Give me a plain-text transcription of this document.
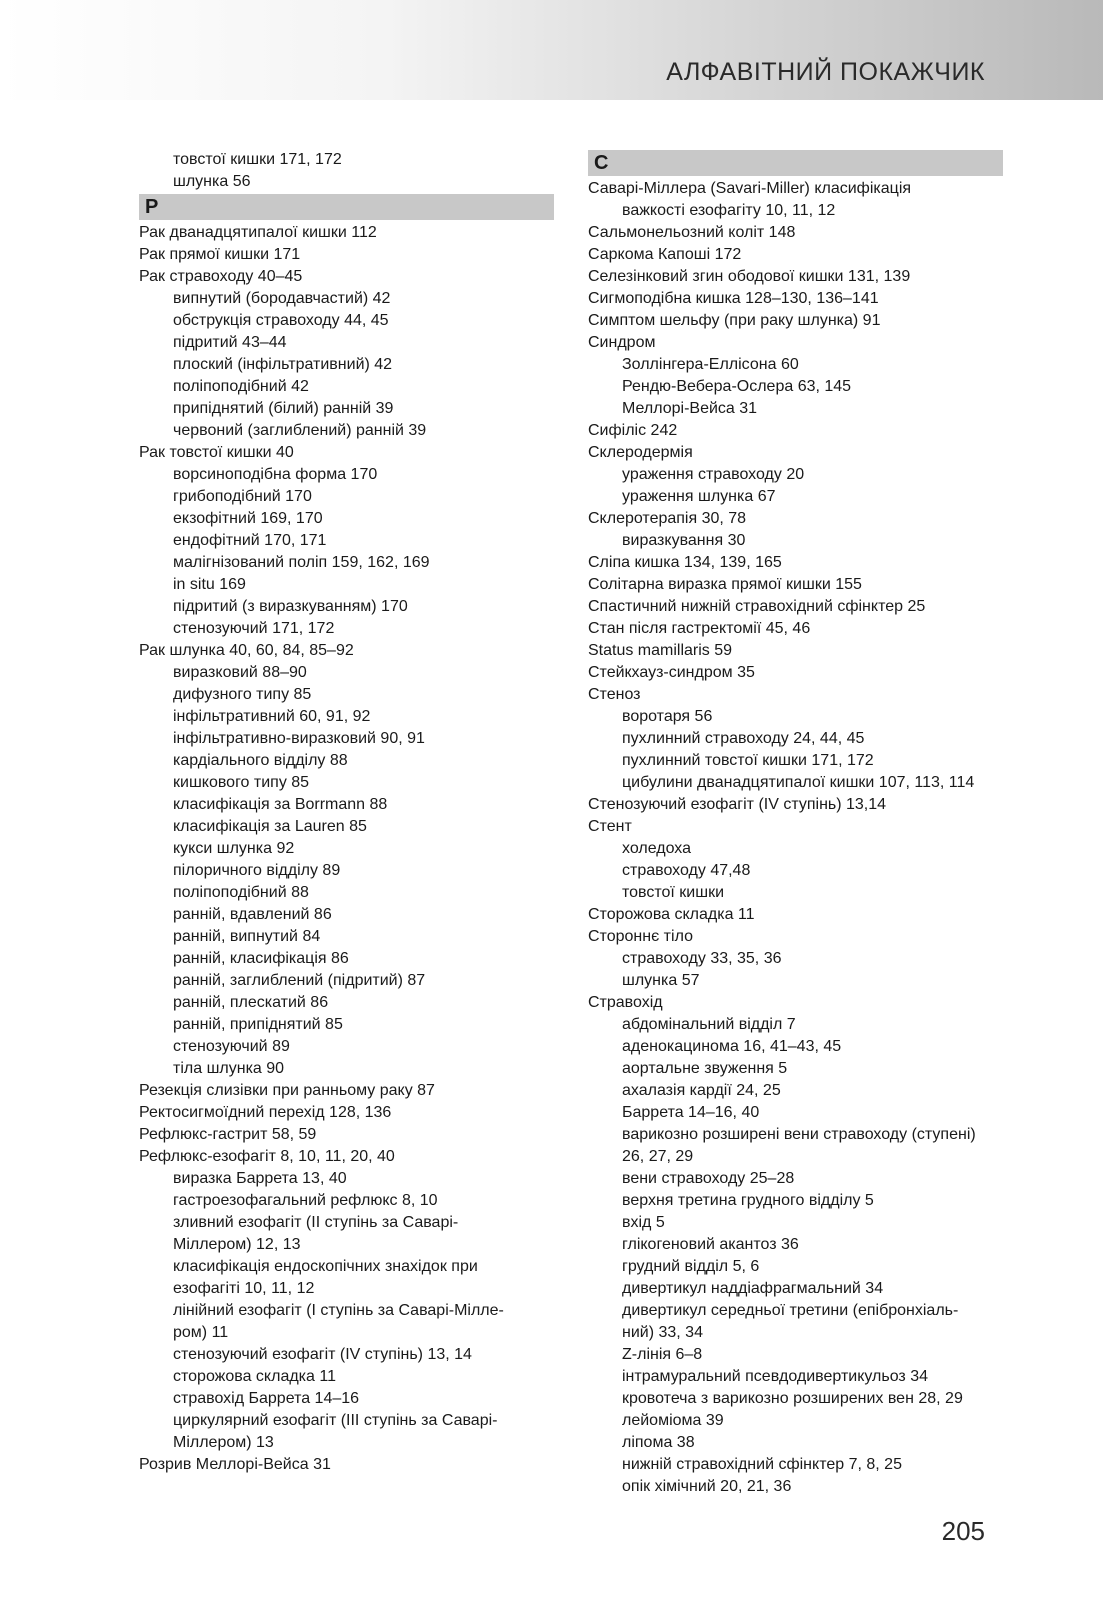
АЛФАВІТНИЙ ПОКАЖЧИК
товстої кишки 171, 172
шлунка 56
Р
Рак дванадцятипалої кишки 112
Рак прямої кишки 171
Рак стравоходу 40–45
випнутий (бородавчастий) 42
обструкція стравоходу 44, 45
підритий 43–44
плоский (інфільтративний) 42
поліпоподібний 42
припіднятий (білий) ранній 39
червоний (заглиблений) ранній 39
Рак товстої кишки 40
ворсиноподібна форма 170
грибоподібний 170
екзофітний 169, 170
ендофітний 170, 171
малігнізований поліп 159, 162, 169
in situ 169
підритий (з виразкуванням) 170
стенозуючий 171, 172
Рак шлунка 40, 60, 84, 85–92
виразковий 88–90
дифузного типу 85
інфільтративний 60, 91, 92
інфільтративно-виразковий 90, 91
кардіального відділу 88
кишкового типу 85
класифікація за Borrmann 88
класифікація за Lauren 85
кукси шлунка 92
пілоричного відділу 89
поліпоподібний 88
ранній, вдавлений 86
ранній, випнутий 84
ранній, класифікація 86
ранній, заглиблений (підритий) 87
ранній, плескатий 86
ранній, припіднятий 85
стенозуючий 89
тіла шлунка 90
Резекція слизівки при ранньому раку 87
Ректосигмоїдний перехід 128, 136
Рефлюкс-гастрит 58, 59
Рефлюкс-езофагіт 8, 10, 11, 20, 40
виразка Баррета 13, 40
гастроезофагальний рефлюкс 8, 10
зливний езофагіт (II ступінь за Саварі-
Міллером) 12, 13
класифікація ендоскопічних знахідок при
езофагіті 10, 11, 12
лінійний езофагіт (I ступінь за Саварі-Мілле-
ром) 11
стенозуючий езофагіт (IV ступінь) 13, 14
сторожова складка 11
стравохід Баррета 14–16
циркулярний езофагіт (III ступінь за Саварі-
Міллером) 13
Розрив Меллорі-Вейса 31
С
Саварі-Міллера (Savari-Miller) класифікація
важкості езофагіту 10, 11, 12
Сальмонельозний коліт 148
Саркома Капоші 172
Селезінковий згин ободової кишки 131, 139
Сигмоподібна кишка 128–130, 136–141
Симптом шельфу (при раку шлунка) 91
Синдром
Золлінгера-Еллісона 60
Рендю-Вебера-Ослера 63, 145
Меллорі-Вейса 31
Сифіліс 242
Склеродермія
ураження стравоходу 20
ураження шлунка 67
Склеротерапія 30, 78
виразкування 30
Сліпа кишка 134, 139, 165
Солітарна виразка прямої кишки 155
Спастичний нижній стравохідний сфінктер 25
Стан після гастректомії 45, 46
Status mamillaris 59
Стейкхауз-синдром 35
Стеноз
воротаря 56
пухлинний стравоходу 24, 44, 45
пухлинний товстої кишки 171, 172
цибулини дванадцятипалої кишки 107, 113, 114
Стенозуючий езофагіт (IV ступінь) 13,14
Стент
холедоха
стравоходу 47,48
товстої кишки
Сторожова складка 11
Стороннє тіло
стравоходу 33, 35, 36
шлунка 57
Стравохід
абдомінальний відділ 7
аденокацинома 16, 41–43, 45
аортальне звуження 5
ахалазія кардії 24, 25
Баррета 14–16, 40
варикозно розширені вени стравоходу (ступені)
26, 27, 29
вени стравоходу 25–28
верхня третина грудного відділу 5
вхід 5
глікогеновий акантоз 36
грудний відділ 5, 6
дивертикул наддіафрагмальний 34
дивертикул середньої третини (епібронхіаль-
ний) 33, 34
Z-лінія 6–8
інтрамуральний псевдодивертикульоз 34
кровотеча з варикозно розширених вен 28, 29
лейоміома 39
ліпома 38
нижній стравохідний сфінктер 7, 8, 25
опік хімічний 20, 21, 36
205
